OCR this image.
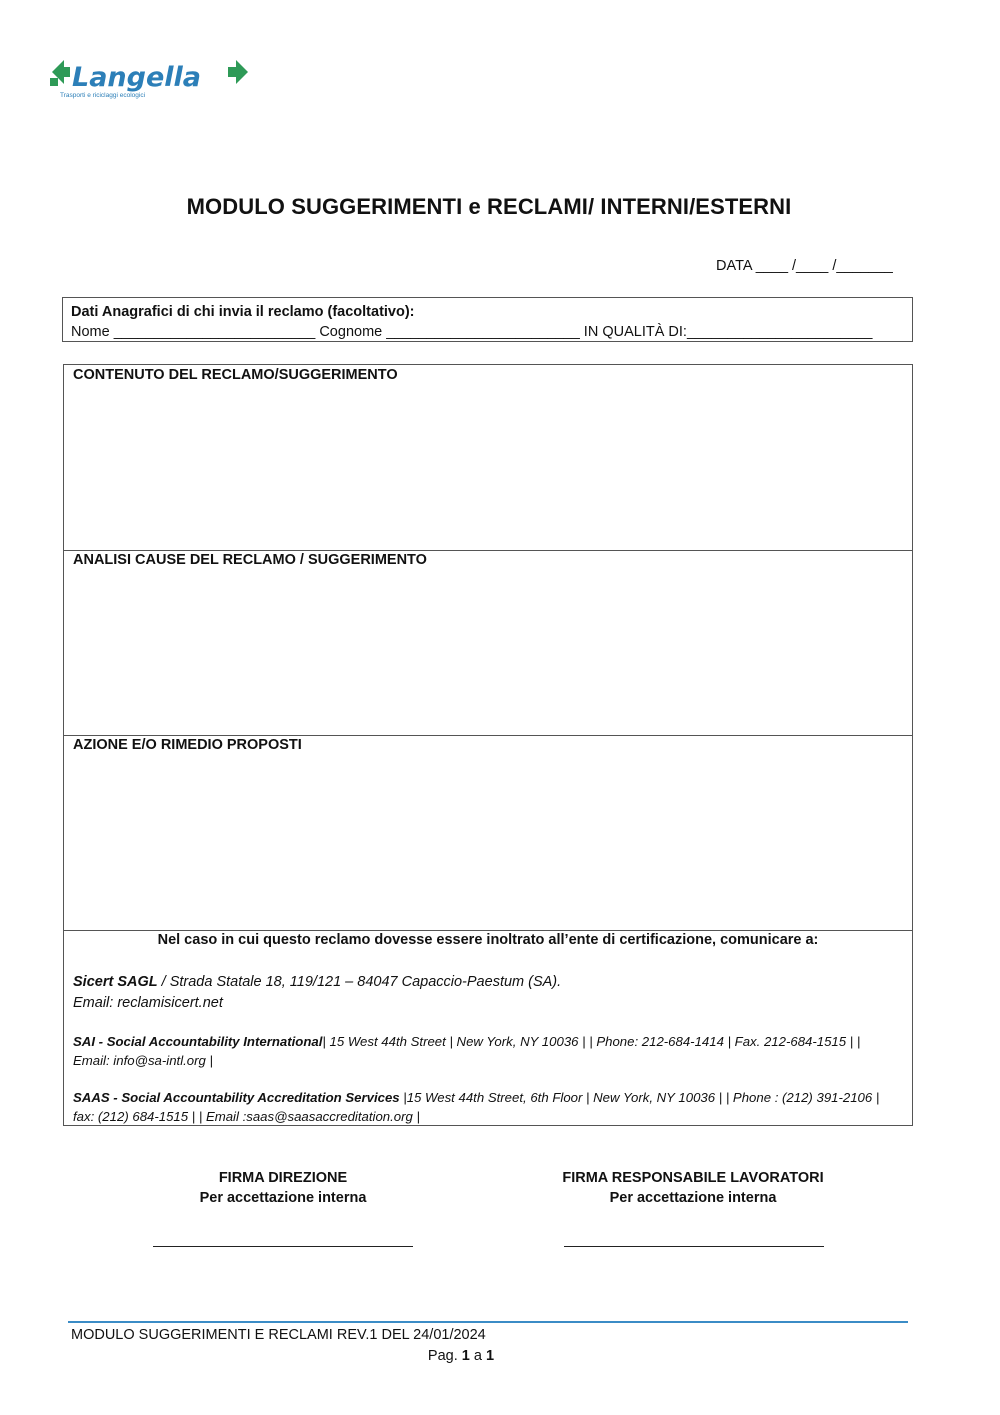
Langella
Trasporti e riciclaggi ecologici
MODULO SUGGERIMENTI e RECLAMI/ INTERNI/ESTERNI
DATA ____ /____ /_______
Dati Anagrafici di chi invia il reclamo (facoltativo):
Nome _________________________ Cognome ________________________ IN QUALITÀ DI:_______________________
CONTENUTO DEL RECLAMO/SUGGERIMENTO
ANALISI CAUSE DEL RECLAMO / SUGGERIMENTO
AZIONE E/O RIMEDIO PROPOSTI
Nel caso in cui questo reclamo dovesse essere inoltrato all’ente di certificazione, comunicare a:
Sicert SAGL / Strada Statale 18, 119/121 – 84047 Capaccio-Paestum (SA).
Email: reclamisicert.net
SAI - Social Accountability International| 15 West 44th Street | New York, NY 10036 | | Phone: 212-684-1414 | Fax. 212-684-1515 | | Email: info@sa-intl.org |
SAAS - Social Accountability Accreditation Services |15 West 44th Street, 6th Floor | New York, NY 10036 | | Phone : (212) 391-2106 | fax: (212) 684-1515 | | Email :saas@saasaccreditation.org |
FIRMA DIREZIONE
Per accettazione interna
FIRMA RESPONSABILE LAVORATORI
Per accettazione interna
MODULO SUGGERIMENTI E RECLAMI REV.1 DEL 24/01/2024
Pag. 1 a 1
